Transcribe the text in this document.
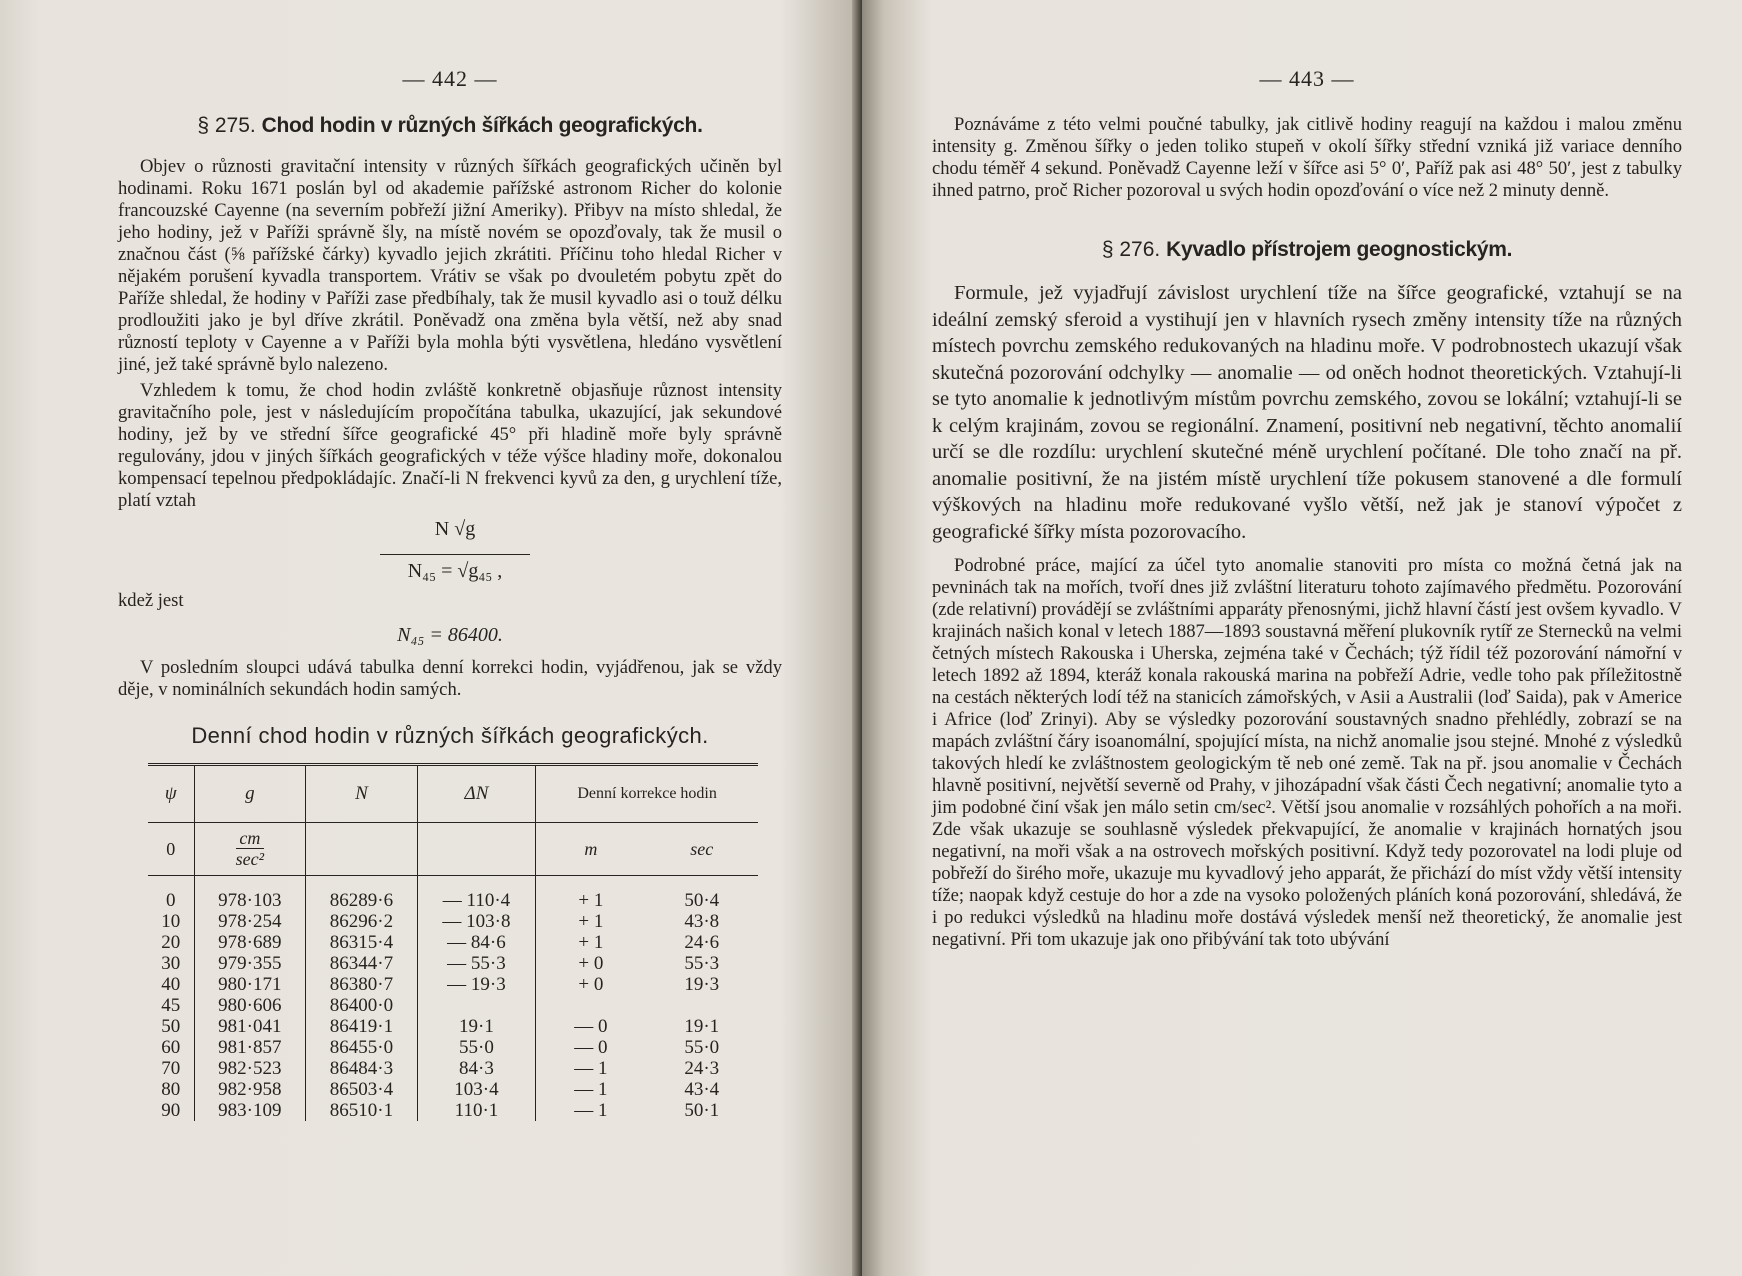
— 442 —
§ 275. Chod hodin v různých šířkách geografických.

Objev o různosti gravitační intensity v různých šířkách geografických učiněn byl hodinami. Roku 1671 poslán byl od akademie pařížské astronom Richer do kolonie francouzské Cayenne (na severním pobřeží jižní Ameriky). Přibyv na místo shledal, že jeho hodiny, jež v Paříži správně šly, na místě novém se opozďovaly, tak že musil o značnou část (⅝ pařížské čárky) kyvadlo jejich zkrátiti. Příčinu toho hledal Richer v nějakém porušení kyvadla transportem. Vrátiv se však po dvouletém pobytu zpět do Paříže shledal, že hodiny v Paříži zase předbíhaly, tak že musil kyvadlo asi o touž délku prodloužiti jako je byl dříve zkrátil. Poněvadž ona změna byla větší, než aby snad růzností teploty v Cayenne a v Paříži byla mohla býti vysvětlena, hledáno vysvětlení jiné, jež také správně bylo nalezeno.

Vzhledem k tomu, že chod hodin zvláště konkretně objasňuje různost intensity gravitačního pole, jest v následujícím propočítána tabulka, ukazující, jak sekundové hodiny, jež by ve střední šířce geografické 45° při hladině moře byly správně regulovány, jdou v jiných šířkách geografických v téže výšce hladiny moře, dokonalou kompensací tepelnou předpokládajíc. Značí-li N frekvenci kyvů za den, g urychlení tíže, platí vztah

N √g
N₄₅ = √g₄₅ ,
kdež jest
N₄₅ = 86400.

V posledním sloupci udává tabulka denní korrekci hodin, vyjádřenou, jak se vždy děje, v nominálních sekundách hodin samých.

Denní chod hodin v různých šířkách geografických.
ψ	g	N	ΔN	Denní korrekce hodin	
0	$\frac{cm}{\text{sec²}}$			m	sec
0	978·103	86289·6	— 110·4	+ 1	50·4
10	978·254	86296·2	— 103·8	+ 1	43·8
20	978·689	86315·4	— 84·6	+ 1	24·6
30	979·355	86344·7	— 55·3	+ 0	55·3
40	980·171	86380·7	— 19·3	+ 0	19·3
45	980·606	86400·0			
50	981·041	86419·1	19·1	— 0	19·1
60	981·857	86455·0	55·0	— 0	55·0
70	982·523	86484·3	84·3	— 1	24·3
80	982·958	86503·4	103·4	— 1	43·4
90	983·109	86510·1	110·1	— 1	50·1
— 443 —

Poznáváme z této velmi poučné tabulky, jak citlivě hodiny reagují na každou i malou změnu intensity g. Změnou šířky o jeden toliko stupeň v okolí šířky střední vzniká již variace denního chodu téměř 4 sekund. Poněvadž Cayenne leží v šířce asi 5° 0′, Paříž pak asi 48° 50′, jest z tabulky ihned patrno, proč Richer pozoroval u svých hodin opozďování o více než 2 minuty denně.

§ 276. Kyvadlo přístrojem geognostickým.

Formule, jež vyjadřují závislost urychlení tíže na šířce geografické, vztahují se na ideální zemský sferoid a vystihují jen v hlavních rysech změny intensity tíže na různých místech povrchu zemského redukovaných na hladinu moře. V podrobnostech ukazují však skutečná pozorování odchylky — anomalie — od oněch hodnot theoretických. Vztahují-li se tyto anomalie k jednotlivým místům povrchu zemského, zovou se lokální; vztahují-li se k celým krajinám, zovou se regionální. Znamení, positivní neb negativní, těchto anomalií určí se dle rozdílu: urychlení skutečné méně urychlení počítané. Dle toho značí na př. anomalie positivní, že na jistém místě urychlení tíže pokusem stanovené a dle formulí výškových na hladinu moře redukované vyšlo větší, než jak je stanoví výpočet z geografické šířky místa pozorovacího.

Podrobné práce, mající za účel tyto anomalie stanoviti pro místa co možná četná jak na pevninách tak na mořích, tvoří dnes již zvláštní literaturu tohoto zajímavého předmětu. Pozorování (zde relativní) provádějí se zvláštními apparáty přenosnými, jichž hlavní částí jest ovšem kyvadlo. V krajinách našich konal v letech 1887—1893 soustavná měření plukovník rytíř ze Sternecků na velmi četných místech Rakouska i Uherska, zejména také v Čechách; týž řídil též pozorování námořní v letech 1892 až 1894, kteráž konala rakouská marina na pobřeží Adrie, vedle toho pak příležitostně na cestách některých lodí též na stanicích zámořských, v Asii a Australii (loď Saida), pak v Americe i Africe (loď Zrinyi). Aby se výsledky pozorování soustavných snadno přehlédly, zobrazí se na mapách zvláštní čáry isoanomální, spojující místa, na nichž anomalie jsou stejné. Mnohé z výsledků takových hledí ke zvláštnostem geologickým tě neb oné země. Tak na př. jsou anomalie v Čechách hlavně positivní, největší severně od Prahy, v jihozápadní však části Čech negativní; anomalie tyto a jim podobné činí však jen málo setin cm/sec². Větší jsou anomalie v rozsáhlých pohořích a na moři. Zde však ukazuje se souhlasně výsledek překvapující, že anomalie v krajinách hornatých jsou negativní, na moři však a na ostrovech mořských positivní. Když tedy pozorovatel na lodi pluje od pobřeží do širého moře, ukazuje mu kyvadlový jeho apparát, že přichází do míst vždy větší intensity tíže; naopak když cestuje do hor a zde na vysoko položených pláních koná pozorování, shledává, že i po redukci výsledků na hladinu moře dostává výsledek menší než theoretický, že anomalie jest negativní. Při tom ukazuje jak ono přibývání tak toto ubývání
